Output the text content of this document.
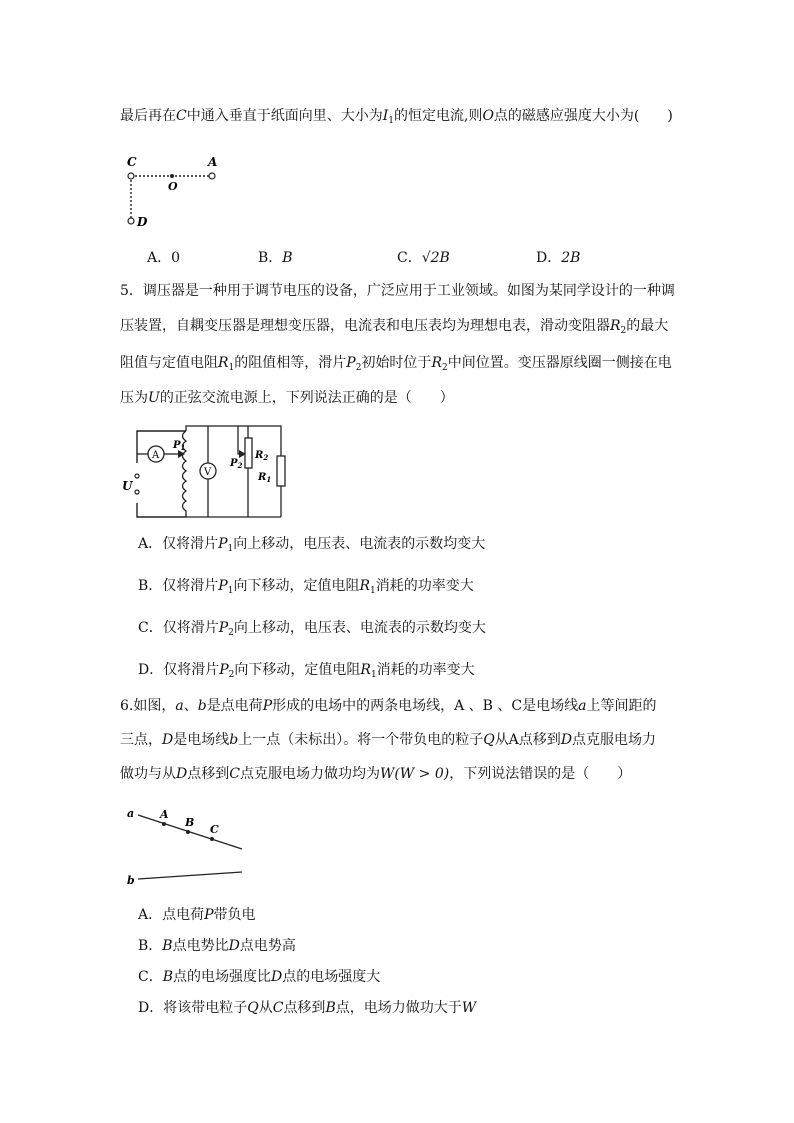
最后再在C中通入垂直于纸面向里、大小为$I_1$的恒定电流,则O点的磁感应强度大小为(　　)
C	A
O
D
A．0	B．B	C．√2B	D．2B
5．调压器是一种用于调节电压的设备，广泛应用于工业领域。如图为某同学设计的一种调
压装置，自耦变压器是理想变压器，电流表和电压表均为理想电表，滑动变阻器$R_2$的最大
阻值与定值电阻$R_1$的阻值相等，滑片$P_2$初始时位于$R_2$中间位置。变压器原线圈一侧接在电
压为U的正弦交流电源上，下列说法正确的是（　　）
U
A
$P_1$
V
$P_2$
$R_2$
$R_1$
A．仅将滑片$P_1$向上移动，电压表、电流表的示数均变大
B．仅将滑片$P_1$向下移动，定值电阻$R_1$消耗的功率变大
C．仅将滑片$P_2$向上移动，电压表、电流表的示数均变大
D．仅将滑片$P_2$向下移动，定值电阻$R_1$消耗的功率变大
6.如图，a、b是点电荷P形成的电场中的两条电场线，A 、B 、C是电场线a上等间距的
三点，D是电场线b上一点（未标出）。将一个带负电的粒子Q从A点移到D点克服电场力
做功与从D点移到C点克服电场力做功均为W(W > 0)，下列说法错误的是（　　）
a
b
A
B
C
A．点电荷P带负电
B．B点电势比D点电势高
C．B点的电场强度比D点的电场强度大
D．将该带电粒子Q从C点移到B点，电场力做功大于W
